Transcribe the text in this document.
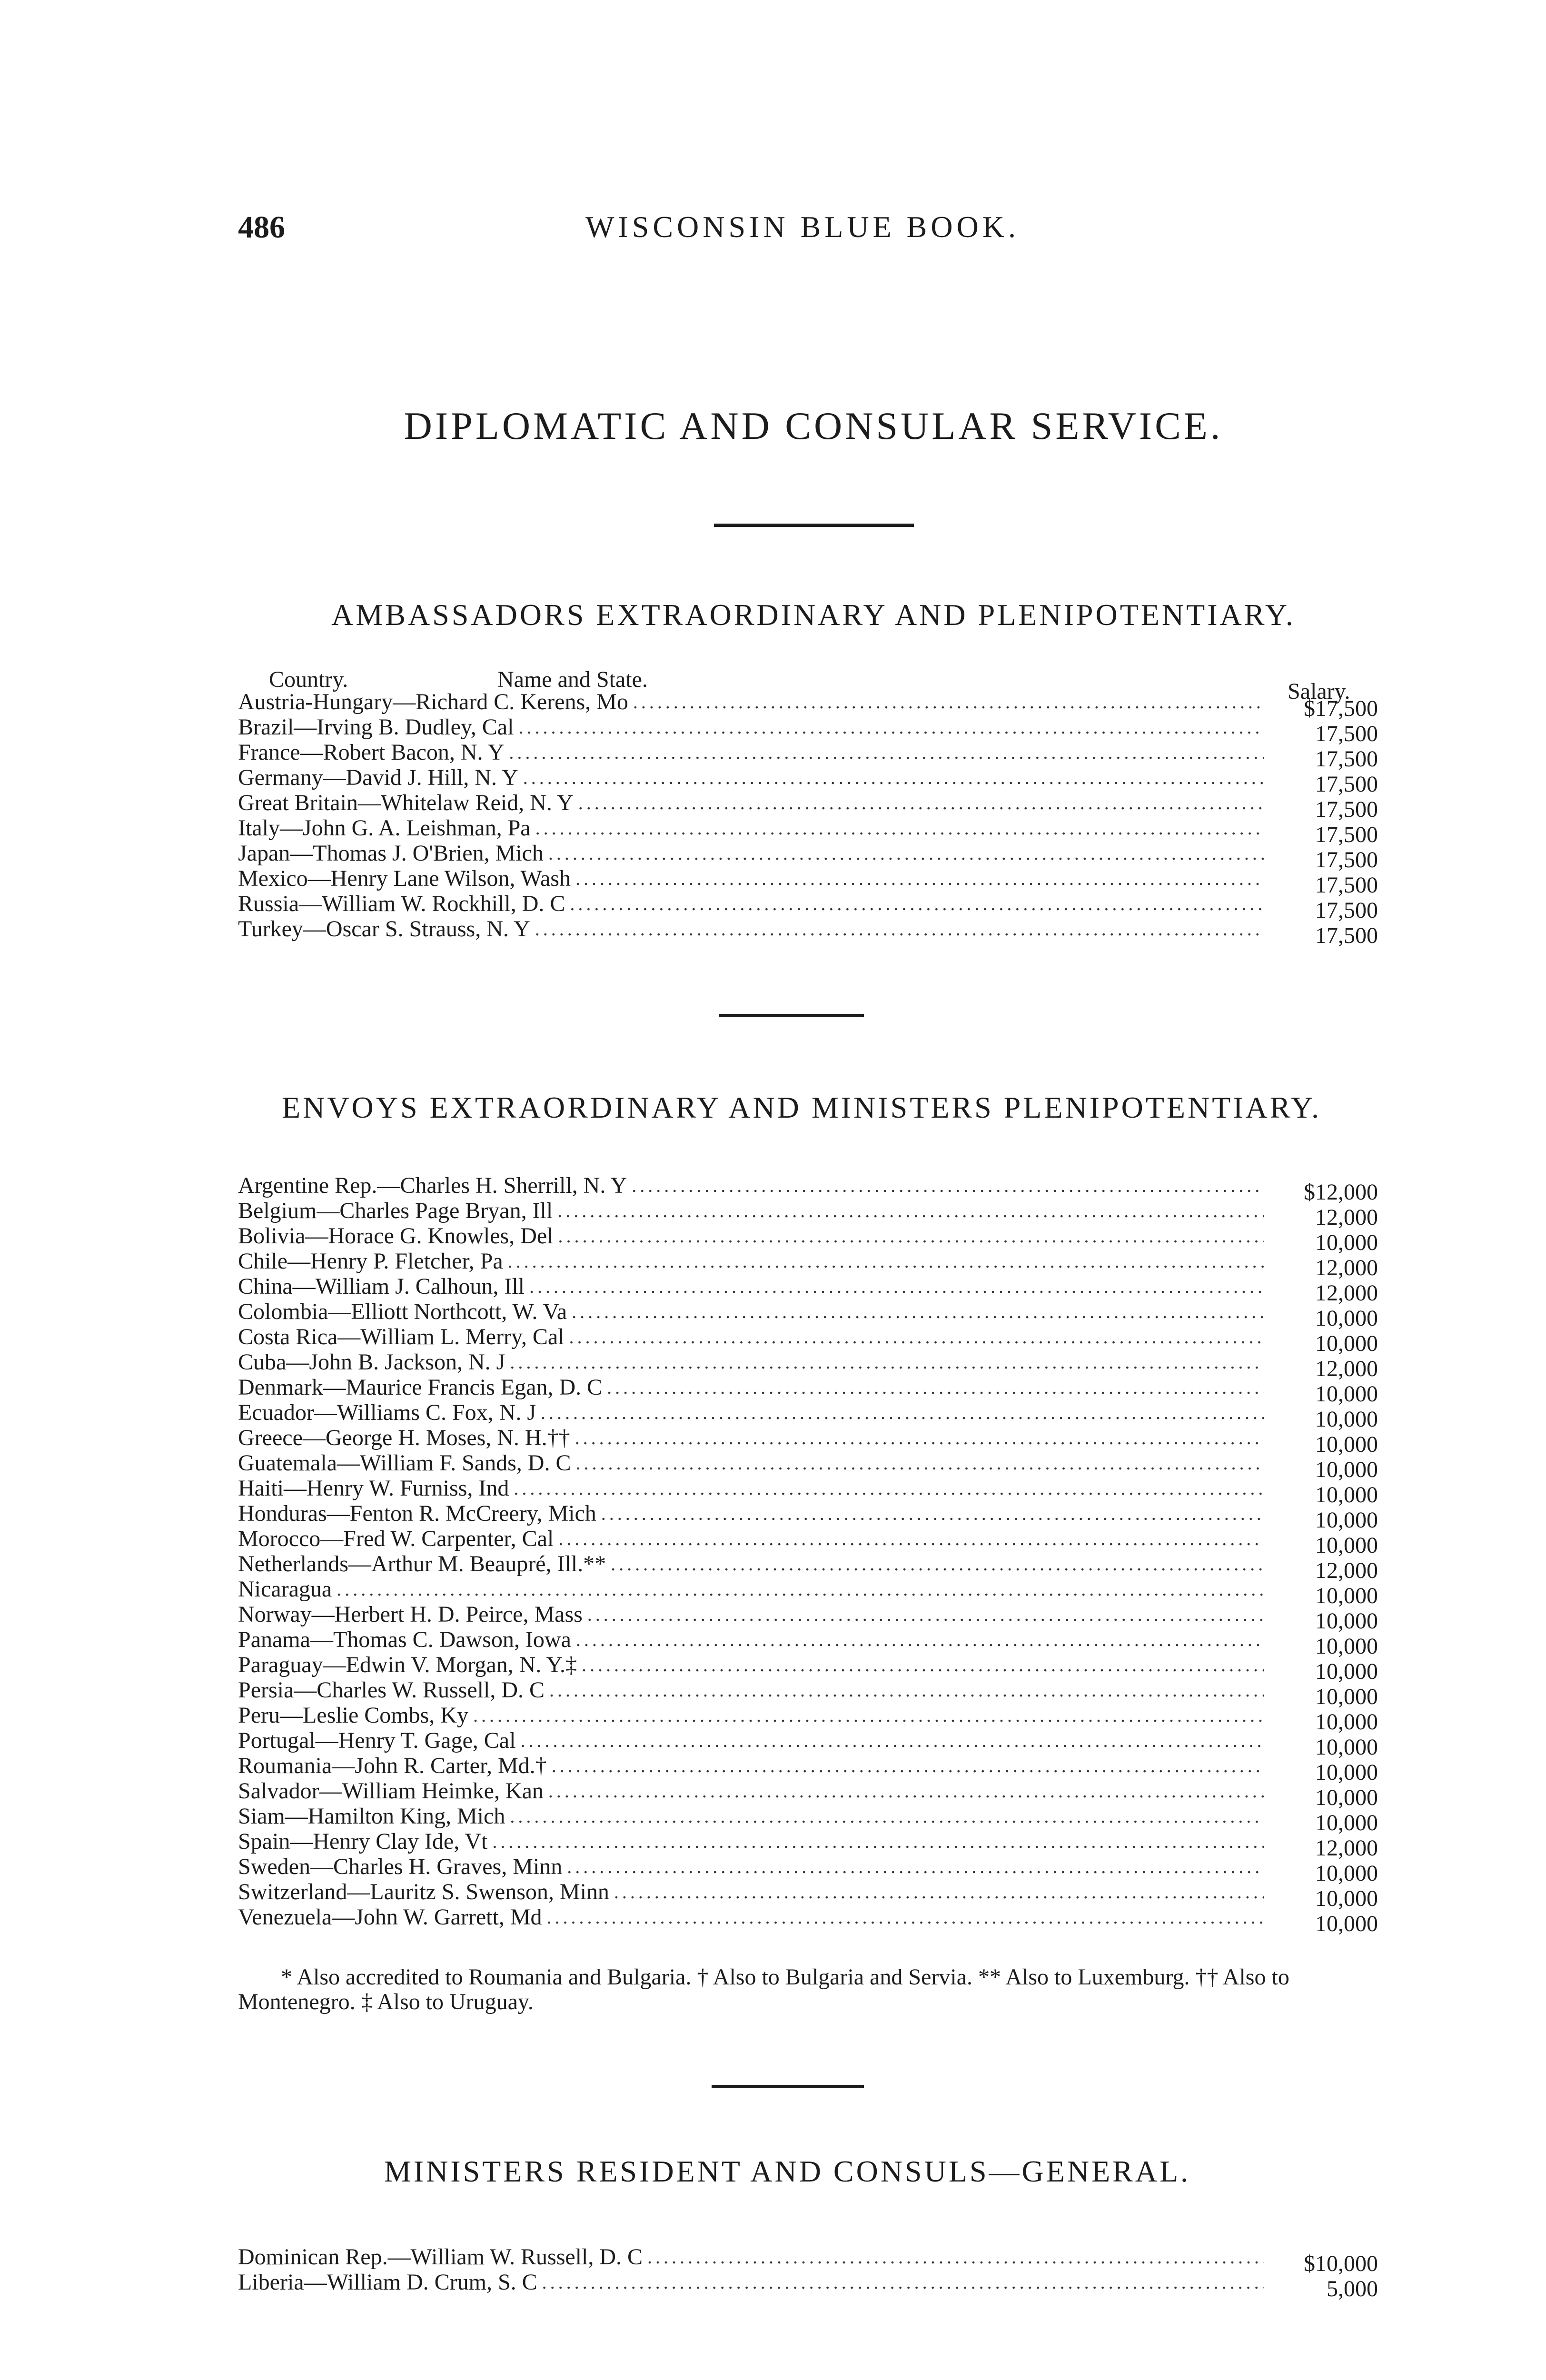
486	WISCONSIN BLUE BOOK.
DIPLOMATIC AND CONSULAR SERVICE.
AMBASSADORS EXTRAORDINARY AND PLENIPOTENTIARY.
Country.	Name and State.	Salary.
Austria-Hungary—Richard C. Kerens, Mo .....	$17,500
Brazil—Irving B. Dudley, Cal .....	17,500
France—Robert Bacon, N. Y .....	17,500
Germany—David J. Hill, N. Y .....	17,500
Great Britain—Whitelaw Reid, N. Y .....	17,500
Italy—John G. A. Leishman, Pa .....	17,500
Japan—Thomas J. O'Brien, Mich .....	17,500
Mexico—Henry Lane Wilson, Wash .....	17,500
Russia—William W. Rockhill, D. C .....	17,500
Turkey—Oscar S. Strauss, N. Y .....	17,500
ENVOYS EXTRAORDINARY AND MINISTERS PLENIPOTENTIARY.
Argentine Rep.—Charles H. Sherrill, N. Y .....	$12,000
Belgium—Charles Page Bryan, Ill .....	12,000
Bolivia—Horace G. Knowles, Del .....	10,000
Chile—Henry P. Fletcher, Pa .....	12,000
China—William J. Calhoun, Ill .....	12,000
Colombia—Elliott Northcott, W. Va .....	10,000
Costa Rica—William L. Merry, Cal .....	10,000
Cuba—John B. Jackson, N. J .....	12,000
Denmark—Maurice Francis Egan, D. C .....	10,000
Ecuador—Williams C. Fox, N. J .....	10,000
Greece—George H. Moses, N. H.†† .....	10,000
Guatemala—William F. Sands, D. C .....	10,000
Haiti—Henry W. Furniss, Ind .....	10,000
Honduras—Fenton R. McCreery, Mich .....	10,000
Morocco—Fred W. Carpenter, Cal .....	10,000
Netherlands—Arthur M. Beaupré, Ill.** .....	12,000
Nicaragua .....	10,000
Norway—Herbert H. D. Peirce, Mass .....	10,000
Panama—Thomas C. Dawson, Iowa .....	10,000
Paraguay—Edwin V. Morgan, N. Y.‡ .....	10,000
Persia—Charles W. Russell, D. C .....	10,000
Peru—Leslie Combs, Ky .....	10,000
Portugal—Henry T. Gage, Cal .....	10,000
Roumania—John R. Carter, Md.† .....	10,000
Salvador—William Heimke, Kan .....	10,000
Siam—Hamilton King, Mich .....	10,000
Spain—Henry Clay Ide, Vt .....	12,000
Sweden—Charles H. Graves, Minn .....	10,000
Switzerland—Lauritz S. Swenson, Minn .....	10,000
Venezuela—John W. Garrett, Md .....	10,000
* Also accredited to Roumania and Bulgaria. † Also to Bulgaria and Servia. ** Also to Luxemburg. †† Also to Montenegro. ‡ Also to Uruguay.
MINISTERS RESIDENT AND CONSULS—GENERAL.
Dominican Rep.—William W. Russell, D. C .....	$10,000
Liberia—William D. Crum, S. C .....	5,000
